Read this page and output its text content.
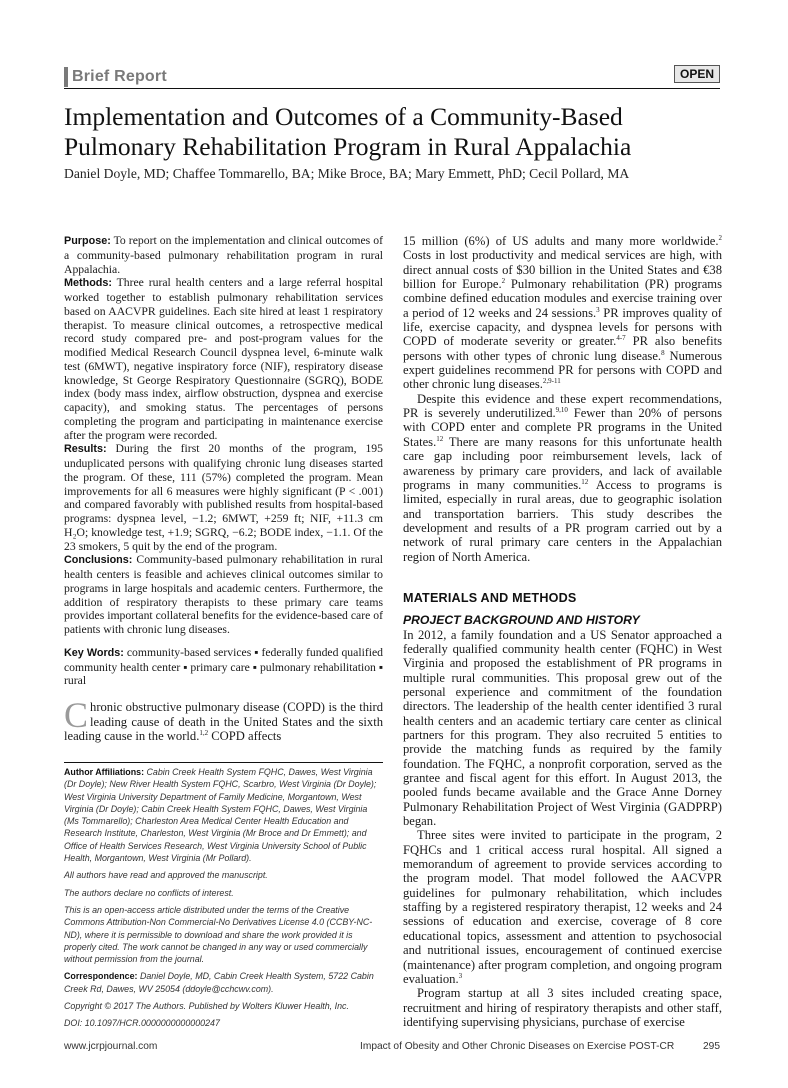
Brief Report	OPEN
Implementation and Outcomes of a Community-Based
Pulmonary Rehabilitation Program in Rural Appalachia
Daniel Doyle, MD; Chaffee Tommarello, BA; Mike Broce, BA; Mary Emmett, PhD; Cecil Pollard, MA

Purpose: To report on the implementation and clinical outcomes of a community-based pulmonary rehabilitation program in rural Appalachia.

Methods: Three rural health centers and a large referral hospital worked together to establish pulmonary rehabilitation services based on AACVPR guidelines. Each site hired at least 1 respiratory therapist. To measure clinical outcomes, a retrospective medical record study compared pre- and post-program values for the modified Medical Research Council dyspnea level, 6-minute walk test (6MWT), negative inspiratory force (NIF), respiratory disease knowledge, St George Respiratory Questionnaire (SGRQ), BODE index (body mass index, airflow obstruction, dyspnea and exercise capacity), and smoking status. The percentages of persons completing the program and participating in maintenance exercise after the program were recorded.

Results: During the first 20 months of the program, 195 unduplicated persons with qualifying chronic lung diseases started the program. Of these, 111 (57%) completed the program. Mean improvements for all 6 measures were highly significant (P < .001) and compared favorably with published results from hospital-based programs: dyspnea level, −1.2; 6MWT, +259 ft; NIF, +11.3 cm H₂O; knowledge test, +1.9; SGRQ, −6.2; BODE index, −1.1. Of the 23 smokers, 5 quit by the end of the program.

Conclusions: Community-based pulmonary rehabilitation in rural health centers is feasible and achieves clinical outcomes similar to programs in large hospitals and academic centers. Furthermore, the addition of respiratory therapists to these primary care teams provides important collateral benefits for the evidence-based care of patients with chronic lung diseases.

Key Words: community-based services ▪ federally funded qualified community health center ▪ primary care ▪ pulmonary rehabilitation ▪ rural

Chronic obstructive pulmonary disease (COPD) is the third leading cause of death in the United States and the sixth leading cause in the world.$^{1,2}$ COPD affects

Author Affiliations: Cabin Creek Health System FQHC, Dawes, West Virginia (Dr Doyle); New River Health System FQHC, Scarbro, West Virginia (Dr Doyle); West Virginia University Department of Family Medicine, Morgantown, West Virginia (Dr Doyle); Cabin Creek Health System FQHC, Dawes, West Virginia (Ms Tommarello); Charleston Area Medical Center Health Education and Research Institute, Charleston, West Virginia (Mr Broce and Dr Emmett); and Office of Health Services Research, West Virginia University School of Public Health, Morgantown, West Virginia (Mr Pollard).

All authors have read and approved the manuscript.

The authors declare no conflicts of interest.

This is an open-access article distributed under the terms of the Creative Commons Attribution-Non Commercial-No Derivatives License 4.0 (CCBY-NC-ND), where it is permissible to download and share the work provided it is properly cited. The work cannot be changed in any way or used commercially without permission from the journal.

Correspondence: Daniel Doyle, MD, Cabin Creek Health System, 5722 Cabin Creek Rd, Dawes, WV 25054 (ddoyle@cchcwv.com).

Copyright © 2017 The Authors. Published by Wolters Kluwer Health, Inc.

DOI: 10.1097/HCR.0000000000000247

15 million (6%) of US adults and many more worldwide.$^2$ Costs in lost productivity and medical services are high, with direct annual costs of $30 billion in the United States and €38 billion for Europe.$^2$ Pulmonary rehabilitation (PR) programs combine defined education modules and exercise training over a period of 12 weeks and 24 sessions.$^3$ PR improves quality of life, exercise capacity, and dyspnea levels for persons with COPD of moderate severity or greater.$^{4-7}$ PR also benefits persons with other types of chronic lung disease.$^8$ Numerous expert guidelines recommend PR for persons with COPD and other chronic lung diseases.$^{2,9-11}$

Despite this evidence and these expert recommendations, PR is severely underutilized.$^{9,10}$ Fewer than 20% of persons with COPD enter and complete PR programs in the United States.$^{12}$ There are many reasons for this unfortunate health care gap including poor reimbursement levels, lack of awareness by primary care providers, and lack of available programs in many communities.$^{12}$ Access to programs is limited, especially in rural areas, due to geographic isolation and transportation barriers. This study describes the development and results of a PR program carried out by a network of rural primary care centers in the Appalachian region of North America.

MATERIALS AND METHODS

PROJECT BACKGROUND AND HISTORY

In 2012, a family foundation and a US Senator approached a federally qualified community health center (FQHC) in West Virginia and proposed the establishment of PR programs in multiple rural communities. This proposal grew out of the personal experience and commitment of the foundation directors. The leadership of the health center identified 3 rural health centers and an academic tertiary care center as clinical partners for this program. They also recruited 5 entities to provide the matching funds as required by the family foundation. The FQHC, a nonprofit corporation, served as the grantee and fiscal agent for this effort. In August 2013, the pooled funds became available and the Grace Anne Dorney Pulmonary Rehabilitation Project of West Virginia (GADPRP) began.

Three sites were invited to participate in the program, 2 FQHCs and 1 critical access rural hospital. All signed a memorandum of agreement to provide services according to the program model. That model followed the AACVPR guidelines for pulmonary rehabilitation, which includes staffing by a registered respiratory therapist, 12 weeks and 24 sessions of education and exercise, coverage of 8 core educational topics, assessment and attention to psychosocial and nutritional issues, encouragement of continued exercise (maintenance) after program completion, and ongoing program evaluation.$^3$

Program startup at all 3 sites included creating space, recruitment and hiring of respiratory therapists and other staff, identifying supervising physicians, purchase of exercise

www.jcrpjournal.com	Impact of Obesity and Other Chronic Diseases on Exercise POST-CR	295
